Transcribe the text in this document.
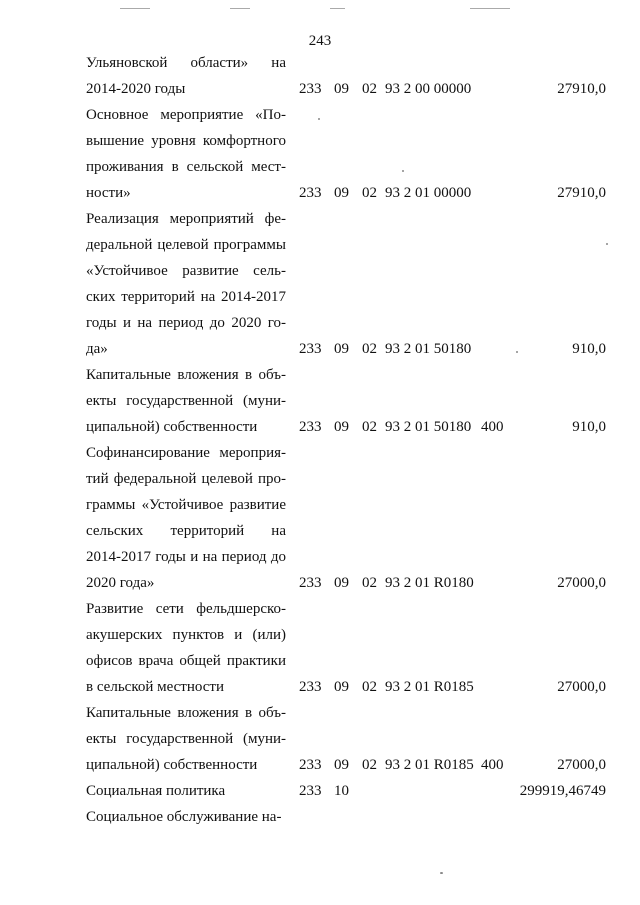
243
Ульяновской области» на
2014-2020 годы	233 09 02 93 2 00 00000	27910,0
Основное мероприятие «По-
вышение уровня комфортного
проживания в сельской мест-
ности»	233 09 02 93 2 01 00000	27910,0
Реализация мероприятий фе-
деральной целевой программы
«Устойчивое развитие сель-
ских территорий на 2014-2017
годы и на период до 2020 го-
да»	233 09 02 93 2 01 50180	910,0
Капитальные вложения в объ-
екты государственной (муни-
ципальной) собственности	233 09 02 93 2 01 50180 400	910,0
Софинансирование мероприя-
тий федеральной целевой про-
граммы «Устойчивое развитие
сельских территорий на
2014-2017 годы и на период до
2020 года»	233 09 02 93 2 01 R0180	27000,0
Развитие сети фельдшерско-
акушерских пунктов и (или)
офисов врача общей практики
в сельской местности	233 09 02 93 2 01 R0185	27000,0
Капитальные вложения в объ-
екты государственной (муни-
ципальной) собственности	233 09 02 93 2 01 R0185 400	27000,0
Социальная политика	233 10	299919,46749
Социальное обслуживание на-
